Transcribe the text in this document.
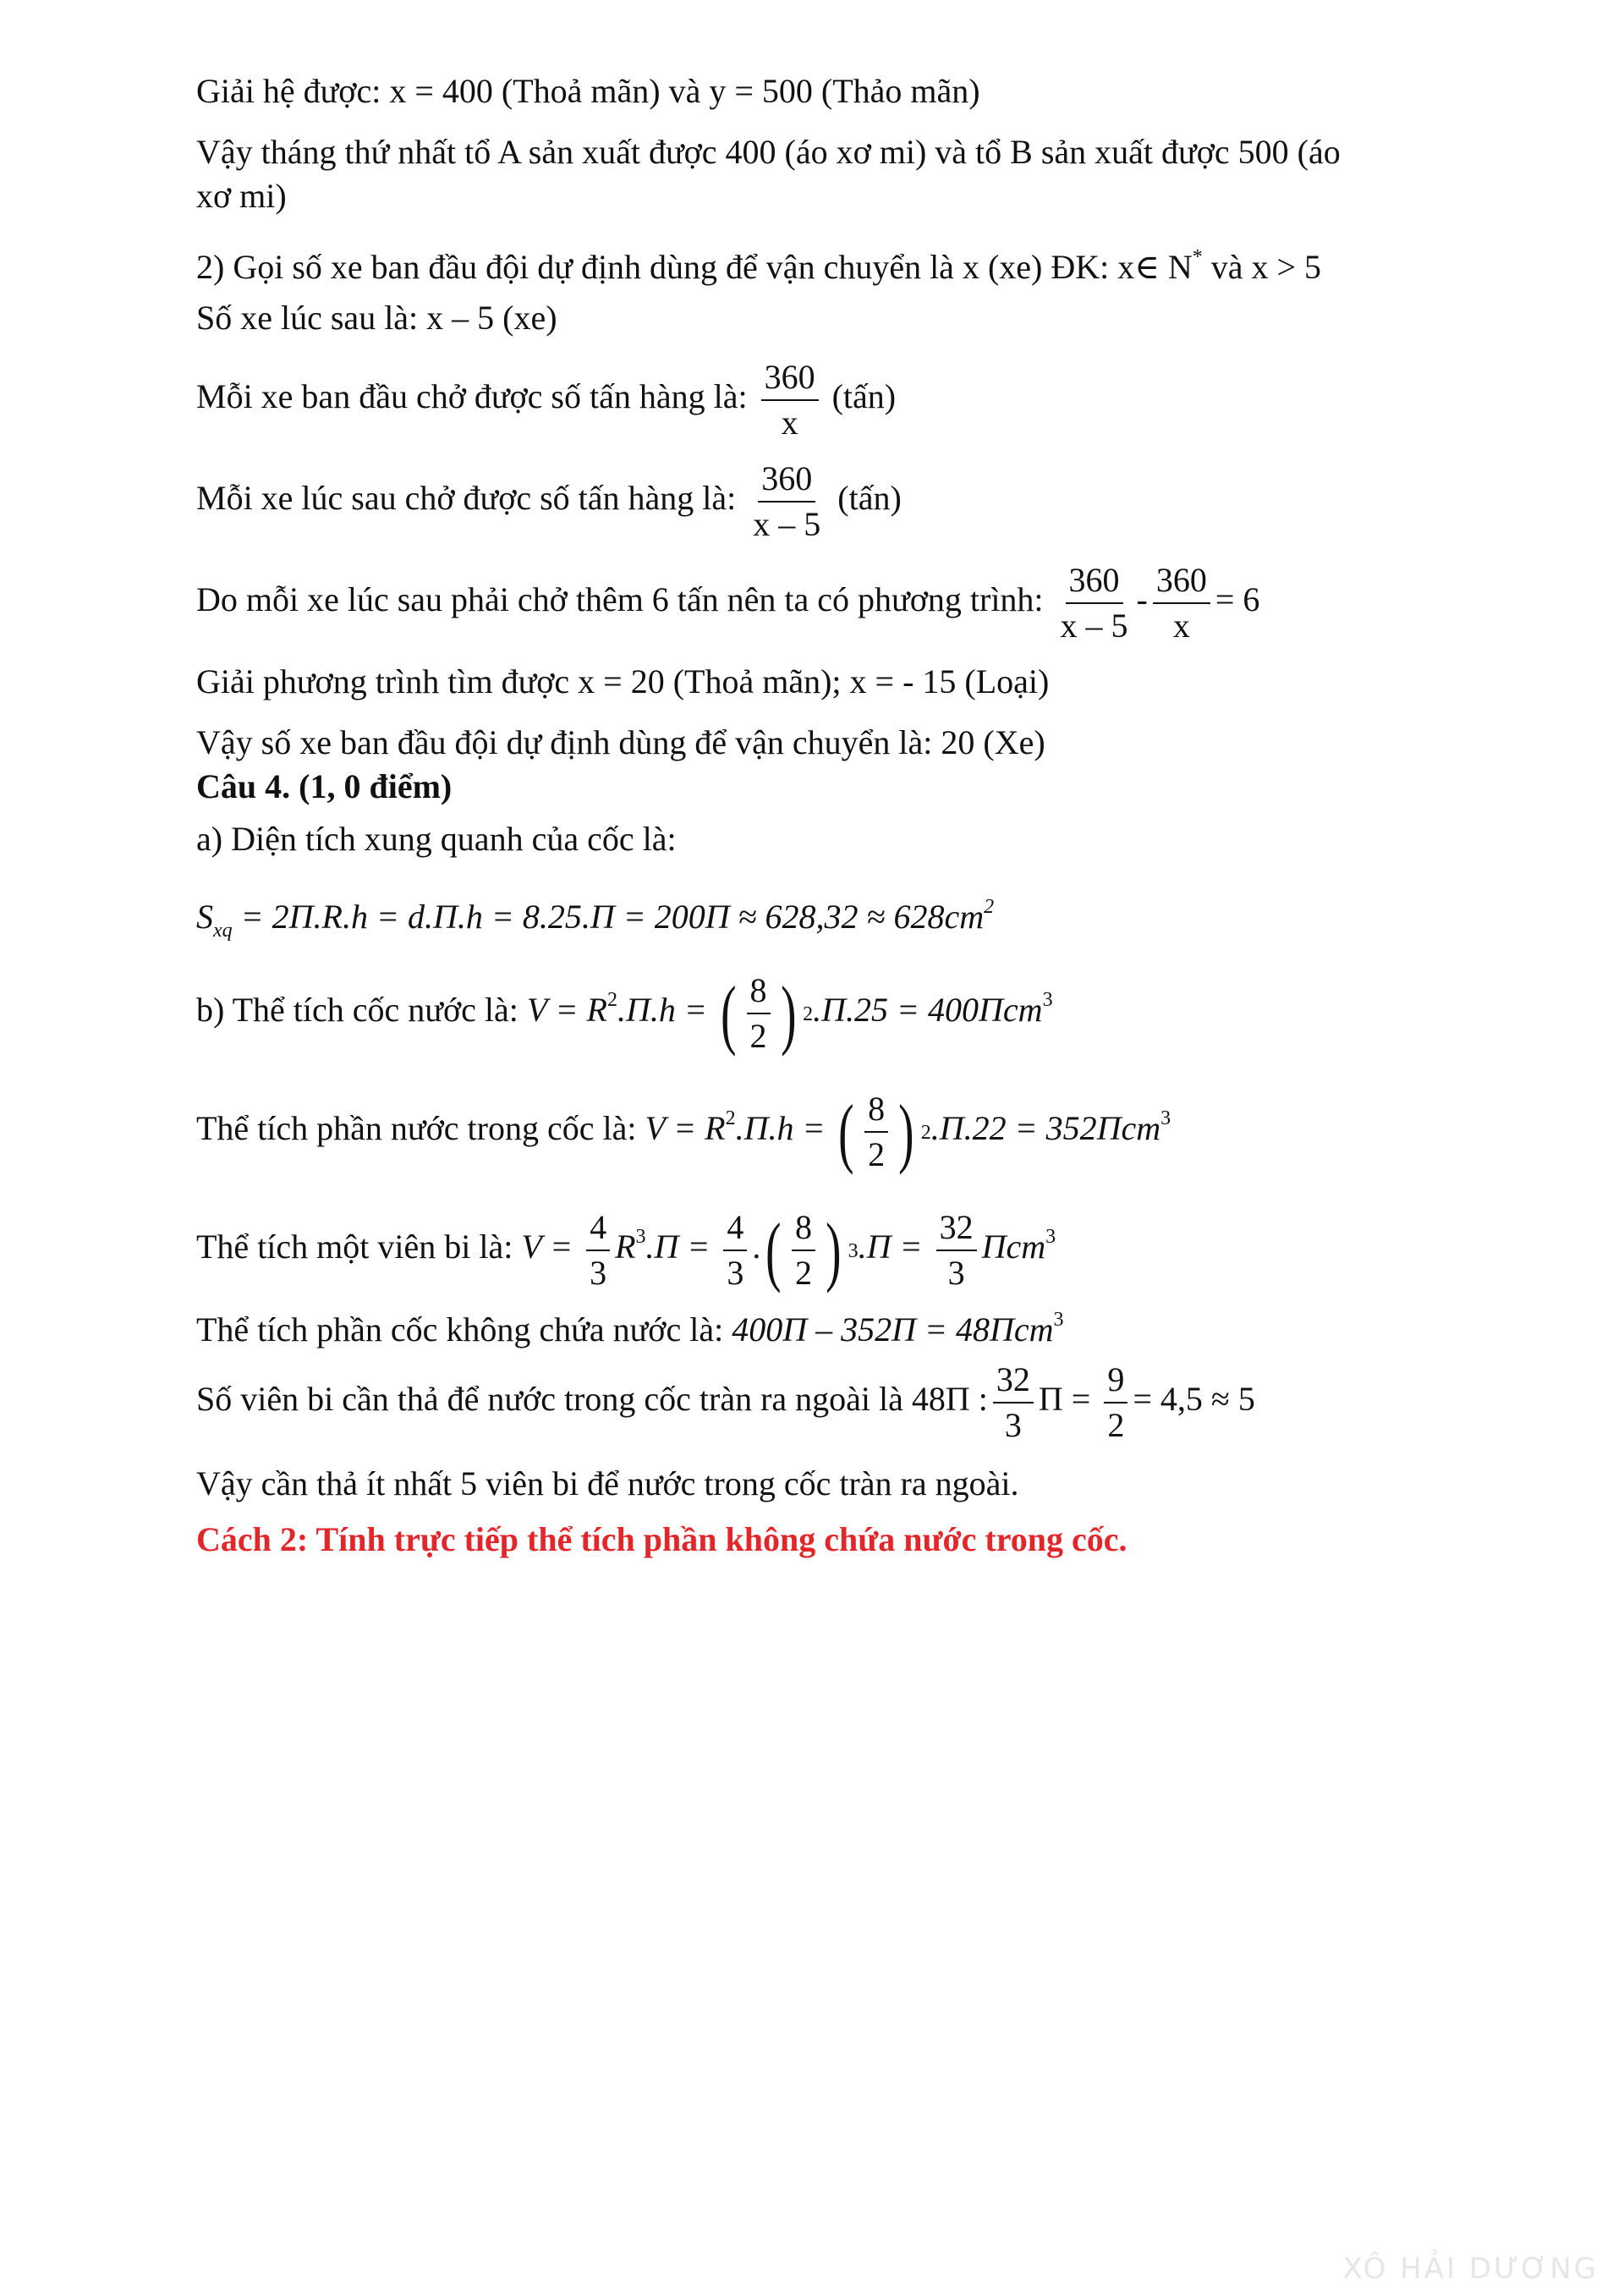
Giải hệ được: x = 400 (Thoả mãn) và y = 500 (Thảo mãn)
Vậy tháng thứ nhất tổ A sản xuất được 400 (áo xơ mi) và tổ B sản xuất được 500 (áo
xơ mi)
2) Gọi số xe ban đầu đội dự định dùng để vận chuyển là x (xe) ĐK: x∈ N* và x > 5
Số xe lúc sau là: x – 5 (xe)
Mỗi xe ban đầu chở được số tấn hàng là: $\frac{360}{x}$ (tấn)
Mỗi xe lúc sau chở được số tấn hàng là: $\frac{360}{x - 5}$ (tấn)
Do mỗi xe lúc sau phải chở thêm 6 tấn nên ta có phương trình: $\frac{360}{x - 5} - \frac{360}{x} = 6$
Giải phương trình tìm được x = 20 (Thoả mãn); x = - 15 (Loại)
Vậy số xe ban đầu đội dự định dùng để vận chuyển là: 20 (Xe)
Câu 4. (1, 0 điểm)
a) Diện tích xung quanh của cốc là:
$S_{xq} = 2\Pi.R.h = d.\Pi.h = 8.25.\Pi = 200\Pi \approx 628,32 \approx 628cm^2$
b) Thể tích cốc nước là: $V = R^2.\Pi.h$ = ( $\frac{8}{2}$ ) 2 .Π.25 = 400Πcm$^3$
Thể tích phần nước trong cốc là: $V = R^2.\Pi.h$ = ( $\frac{8}{2}$ ) 2 .Π.22 = 352Πcm$^3$
Thể tích một viên bi là: $V = \frac{4}{3} R^3.\Pi = \frac{4}{3}$ . ( $\frac{8}{2}$ ) 3 $.\Pi = \frac{32}{3} \Pi cm^3$
Thể tích phần cốc không chứa nước là: 400Π – 352Π = 48Πcm$^3$
Số viên bi cần thả để nước trong cốc tràn ra ngoài là 48Π : $\frac{32}{3}$ $\Pi = \frac{9}{2} = 4,5 \approx 5$
Vậy cần thả ít nhất 5 viên bi để nước trong cốc tràn ra ngoài.
Cách 2: Tính trực tiếp thể tích phần không chứa nước trong cốc.
XÔ HẢI DƯƠNG
